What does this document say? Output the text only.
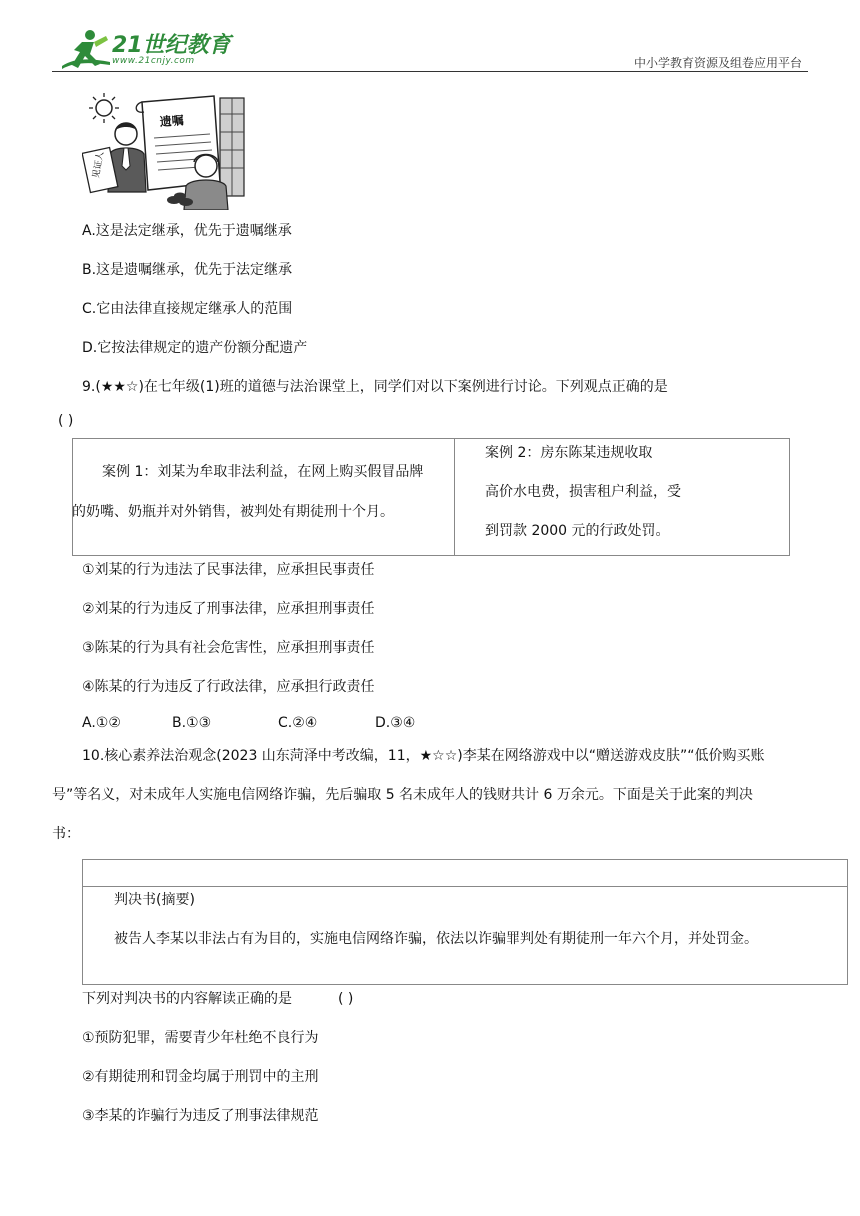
21世纪教育
www.21cnjy.com	中小学教育资源及组卷应用平台
遗嘱
见证人
A.这是法定继承，优先于遗嘱继承
B.这是遗嘱继承，优先于法定继承
C.它由法律直接规定继承人的范围
D.它按法律规定的遗产份额分配遗产
9.(★★☆)在七年级(1)班的道德与法治课堂上，同学们对以下案例进行讨论。下列观点正确的是
( )
案例 1：刘某为牟取非法利益，在网上购买假冒品牌
的奶嘴、奶瓶并对外销售，被判处有期徒刑十个月。
案例 2：房东陈某违规收取
高价水电费，损害租户利益，受
到罚款 2000 元的行政处罚。
①刘某的行为违法了民事法律，应承担民事责任
②刘某的行为违反了刑事法律，应承担刑事责任
③陈某的行为具有社会危害性，应承担刑事责任
④陈某的行为违反了行政法律，应承担行政责任
A.①②	B.①③	C.②④	D.③④
10.核心素养法治观念(2023 山东菏泽中考改编，11，★☆☆)李某在网络游戏中以“赠送游戏皮肤”“低价购买账
号”等名义，对未成年人实施电信网络诈骗，先后骗取 5 名未成年人的钱财共计 6 万余元。下面是关于此案的判决
书：
判决书(摘要)
被告人李某以非法占有为目的，实施电信网络诈骗，依法以诈骗罪判处有期徒刑一年六个月，并处罚金。
下列对判决书的内容解读正确的是	( )
①预防犯罪，需要青少年杜绝不良行为
②有期徒刑和罚金均属于刑罚中的主刑
③李某的诈骗行为违反了刑事法律规范
